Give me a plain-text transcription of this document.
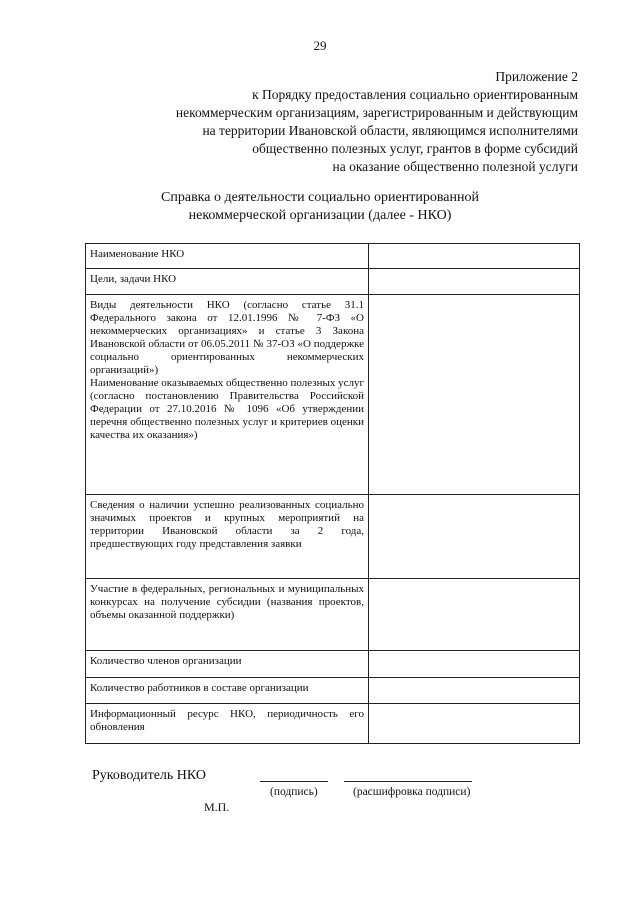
29
Приложение 2
к Порядку предоставления социально ориентированным
некоммерческим организациям, зарегистрированным и действующим
на территории Ивановской области, являющимся исполнителями
общественно полезных услуг, грантов в форме субсидий
на оказание общественно полезной услуги
Справка о деятельности социально ориентированной
некоммерческой организации (далее - НКО)
Наименование НКО	
Цели, задачи НКО	

Виды деятельности НКО (согласно статье 31.1 Федерального закона от 12.01.1996 № 7-ФЗ «О некоммерческих организациях» и статье 3 Закона Ивановской области от 06.05.2011 № 37-ОЗ «О поддержке социально ориентированных некоммерческих организаций»)
Наименование оказываемых общественно полезных услуг (согласно постановлению Правительства Российской Федерации от 27.10.2016 № 1096 «Об утверждении перечня общественно полезных услуг и критериев оценки качества их оказания»)	

Сведения о наличии успешно реализованных социально значимых проектов и крупных мероприятий на территории Ивановской области за 2 года, предшествующих году представления заявки	
Участие в федеральных, региональных и муниципальных конкурсах на получение субсидии (названия проектов, объемы оказанной поддержки)	
Количество членов организации	
Количество работников в составе организации	
Информационный ресурс НКО, периодичность его обновления	
Руководитель НКО
(подпись)	(расшифровка подписи)
М.П.
